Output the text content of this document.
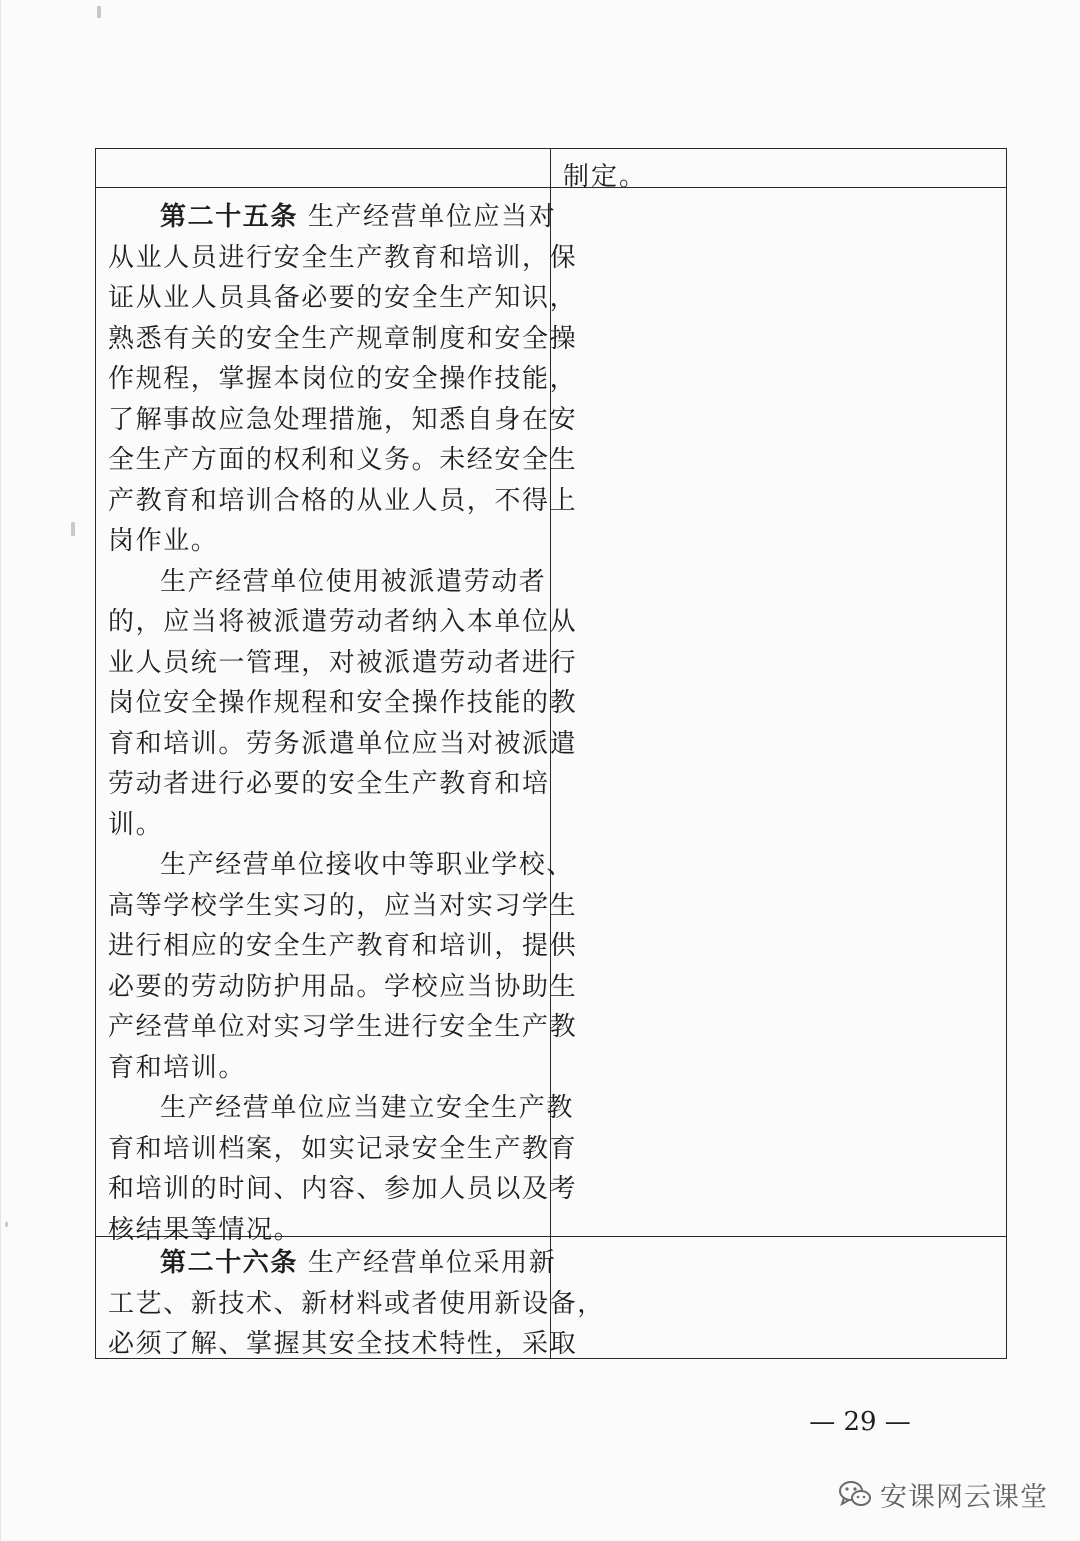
制定。
第二十五条 生产经营单位应当对
从业人员进行安全生产教育和培训，保
证从业人员具备必要的安全生产知识，
熟悉有关的安全生产规章制度和安全操
作规程，掌握本岗位的安全操作技能，
了解事故应急处理措施，知悉自身在安
全生产方面的权利和义务。未经安全生
产教育和培训合格的从业人员，不得上
岗作业。
生产经营单位使用被派遣劳动者
的，应当将被派遣劳动者纳入本单位从
业人员统一管理，对被派遣劳动者进行
岗位安全操作规程和安全操作技能的教
育和培训。劳务派遣单位应当对被派遣
劳动者进行必要的安全生产教育和培
训。
生产经营单位接收中等职业学校、
高等学校学生实习的，应当对实习学生
进行相应的安全生产教育和培训，提供
必要的劳动防护用品。学校应当协助生
产经营单位对实习学生进行安全生产教
育和培训。
生产经营单位应当建立安全生产教
育和培训档案，如实记录安全生产教育
和培训的时间、内容、参加人员以及考
核结果等情况。
第二十六条 生产经营单位采用新
工艺、新技术、新材料或者使用新设备，
必须了解、掌握其安全技术特性，采取
— 29 —
安课网云课堂
